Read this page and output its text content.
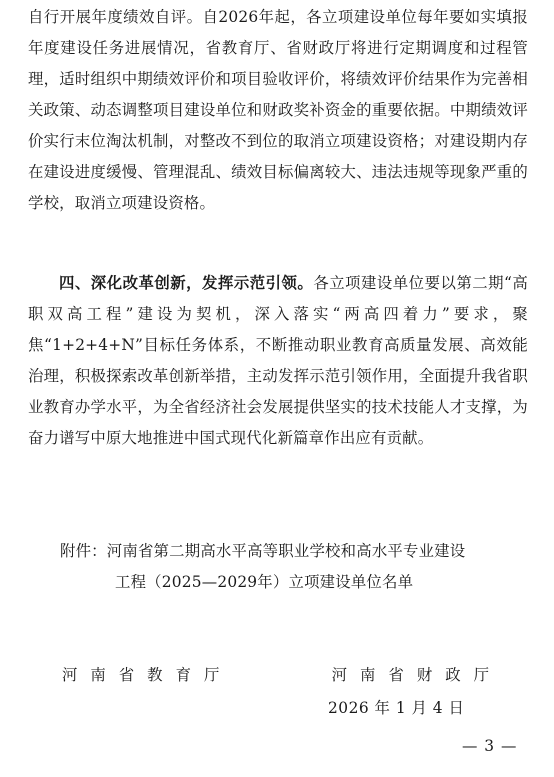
自行开展年度绩效自评。自2026年起，各立项建设单位每年要如实填报年度建设任务进展情况，省教育厅、省财政厅将进行定期调度和过程管理，适时组织中期绩效评价和项目验收评价，将绩效评价结果作为完善相关政策、动态调整项目建设单位和财政奖补资金的重要依据。中期绩效评价实行末位淘汰机制，对整改不到位的取消立项建设资格；对建设期内存在建设进度缓慢、管理混乱、绩效目标偏离较大、违法违规等现象严重的学校，取消立项建设资格。

四、深化改革创新，发挥示范引领。各立项建设单位要以第二期“高职双高工程”建设为契机，深入落实“两高四着力”要求，聚焦“1+2+4+N”目标任务体系，不断推动职业教育高质量发展、高效能治理，积极探索改革创新举措，主动发挥示范引领作用，全面提升我省职业教育办学水平，为全省经济社会发展提供坚实的技术技能人才支撑，为奋力谱写中原大地推进中国式现代化新篇章作出应有贡献。

附件：河南省第二期高水平高等职业学校和高水平专业建设
工程（2025—2029年）立项建设单位名单
河南省教育厅	河南省财政厅
2026 年 1 月 4 日
— 3 —
